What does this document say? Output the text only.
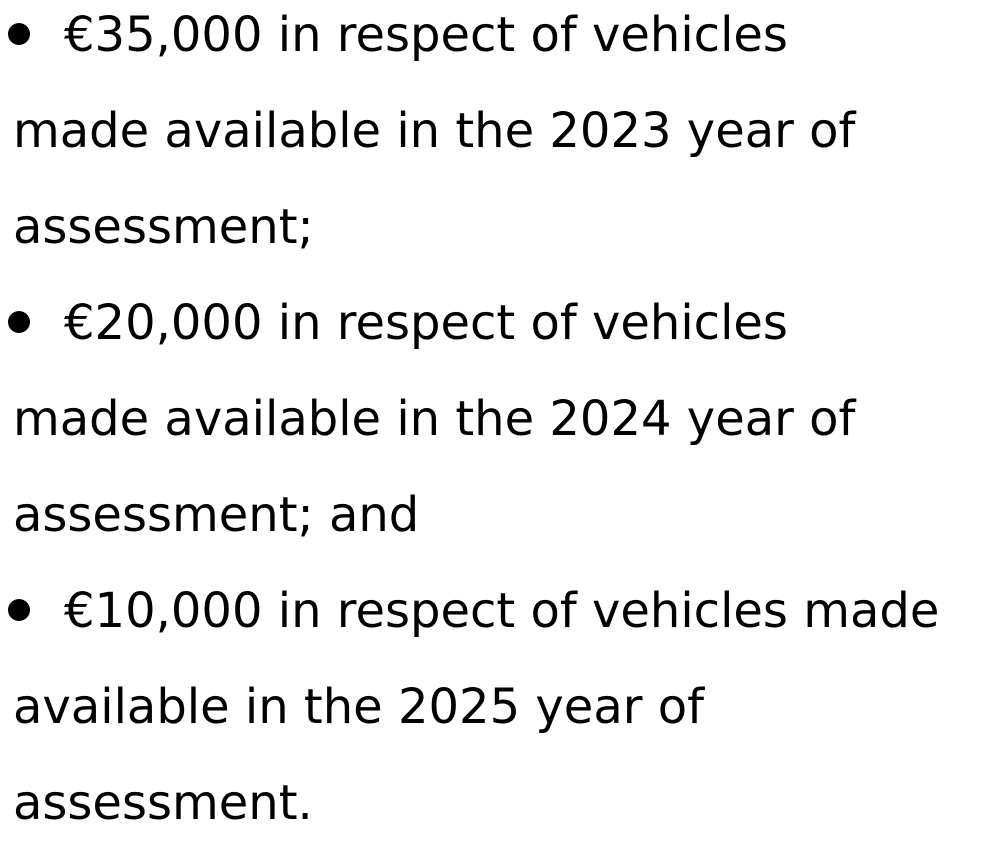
€35,000 in respect of vehicles
made available in the 2023 year of
assessment;
€20,000 in respect of vehicles
made available in the 2024 year of
assessment; and
€10,000 in respect of vehicles made
available in the 2025 year of
assessment.
